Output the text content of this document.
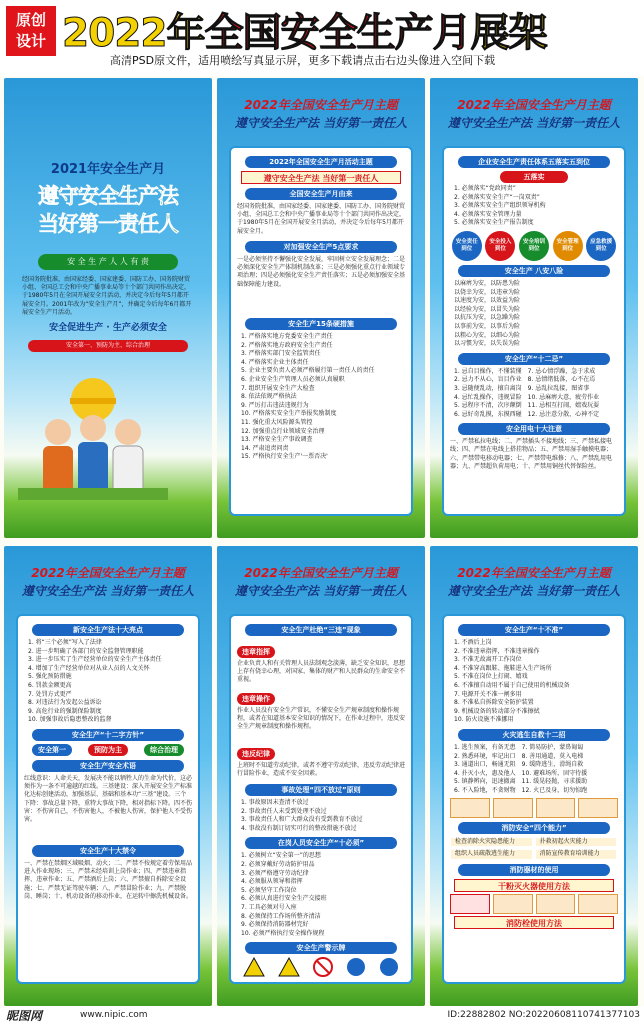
原创
设计 2022年全国安全生产月展架
高清PSD原文件，适用喷绘写真显示屏，更多下载请点击右边头像进入空间下载
2021年安全生产月
遵守安全生产法
当好第一责任人
安 全 生 产 人 人 有 责
经国务院批准，由国家经委、国家建委、国防工办、国务院财贸小组、全国总工会和中央广播事业局等十个部门共同作出决定，于1980年5月在全国开展安全月活动，并决定今后每年5月都开展安全月。2001年改为“安全生产月”，并确定今后每年6月都开展安全生产月活动。
安全促进生产 · 生产必须安全
安全第一、预防为主、综合治理
2022年全国安全生产月主题
遵守安全生产法 当好第一责任人
2022年全国安全生产月活动主题
遵守安全生产法 当好第一责任人
全国安全生产月由来
经国务院批准，由国家经委、国家建委、国防工办、国务院财贸小组、全国总工会和中央广播事业局等十个部门共同作出决定，于1980年5月在全国开展安全月活动，并决定今后每年5月都开展安全月。
对加强安全生产5点要求
一是必须坚持不懈强化安全发展，牢固树立安全发展理念；二是必须深化安全生产体制机制改革；三是必须强化重点行业领域专项治理；四是必须强化安全生产责任落实；五是必须加强安全基础保障能力建设。
安全生产15条硬措施
1. 严格落实地方党委安全生产责任
2. 严格落实地方政府安全生产责任
3. 严格落实部门安全监管责任
4. 严格落实企业主体责任
5. 企业主要负责人必须严格履行第一责任人的责任
6. 企业安全生产管理人员必须认真履职
7. 组织开展安全生产大检查
8. 依法依规严格执法
9. 严厉打击违法违规行为
10. 严格落实安全生产举报奖励制度
11. 强化重大风险源头管控
12. 加强重点行业领域安全治理
13. 严格安全生产事故调查
14. 严肃追责问责
15. 严格执行安全生产'一票否决'
2022年全国安全生产月主题
遵守安全生产法 当好第一责任人
企业安全生产责任体系五落实五到位
五落实
1. 必须落实“党政同责”
2. 必须落实安全生产“一岗双责”
3. 必须落实安全生产组织领导机构
4. 必须落实安全管理力量
5. 必须落实安全生产报告制度
安全责任到位
安全投入到位
安全培训到位
安全管理到位
应急救援到位
安全生产 八安八险
以麻痹为安，以防患为险
以侥幸为安，以违章为险
以速度为安，以效益为险
以经验为安，以冒失为险
以抗压为安，以急躁为险
以事前为安，以事后为险
以粗心为安，以细心为险
以习惯为安，以失误为险
安全生产“十二忌”
1. 忌自目操作，不懂装懂
2. 忌力不从心，盲目作业
3. 忌随便乱动，擅自离岗
4. 忌忙乱操作，违规冒险
5. 忌程序不清，次序颠倒
6. 忌好奇乱摸，东摸西碰
7. 忌心情浮躁，急于求成
8. 忌情绪低落，心不在焉
9. 忌乱拉乱接，图省事
10. 忌麻痹大意，疲劳作业
11. 忌相互打闹，嬉戏玩耍
12. 忌注意分散，心神不定
安全用电十大注意
一、严禁私拉电线；二、严禁插头不接地线；三、严禁私接电线；四、严禁在电线上搭挂物品；五、严禁用湿手触摸电器；六、严禁带电移动电器；七、严禁带电维修；八、严禁乱用电器；九、严禁超负荷用电；十、严禁用铜丝代替保险丝。
2022年全国安全生产月主题
遵守安全生产法 当好第一责任人
新安全生产法十大亮点
1. 将“三个必须”写入了法律
2. 进一步明确了各部门的安全监督管理职能
3. 进一步压实了生产经营单位的安全生产主体责任
4. 增加了生产经营单位对从业人员的人文关怀
5. 强化预防措施
6. 罚款金额更高
7. 处罚方式更严
8. 对违法行为发起公益诉讼
9. 高危行业的强制保险制度
10. 加强事故后隐患整改的监督
安全生产“十二字方针”
安全第一	预防为主	综合治理
安全生产安全术语
红线意识：人命关天，发展决不能以牺牲人的生命为代价，这必须作为一条不可逾越的红线。三基建设：深入开展安全生产标准化达标创建活动，加强基层、基础和基本功“三基”建设。三个下降：事故总量下降，重特大事故下降，相对指标下降。四不伤害：不伤害自己，不伤害他人，不被他人伤害，保护他人不受伤害。
安全生产十大禁令
一、严禁在禁烟区域吸烟、动火；二、严禁不按规定着劳保用品进入作业现场；三、严禁未经培训上岗作业；四、严禁违章指挥、违章作业；五、严禁酒后上岗；六、严禁擅自拆除安全设施；七、严禁无证驾驶车辆；八、严禁冒险作业；九、严禁脱岗、睡岗；十、机动设备的移动作业，在运转中擦洗机械设备。
2022年全国安全生产月主题
遵守安全生产法 当好第一责任人
安全生产杜绝“三违”现象
违章指挥
企业负责人和有关管理人员法制观念淡薄，缺乏安全知识，思想上存有侥幸心理，对国家、集体的财产和人民群众的生命安全不重视。
违章操作
作业人员没有安全生产常识，不懂安全生产规章制度和操作规程，或者在知道基本安全知识的情况下，在作业过程中，违反安全生产规章制度和操作规程。
违反纪律
上班时不知道劳动纪律，或者不遵守劳动纪律，违反劳动纪律进行冒险作业，造成不安全因素。
事故处理“四不放过”原则
1. 事故原因未查清不放过
2. 事故责任人未受到处理不放过
3. 事故责任人和广大群众没有受到教育不放过
4. 事故没有制订切实可行的整改措施不放过
在岗人员安全生产“十必须”
1. 必须树立“安全第一”的思想
2. 必须穿戴好劳动防护用品
3. 必须严格遵守劳动纪律
4. 必须服从领导和指挥
5. 必须坚守工作岗位
6. 必须认真进行安全生产交接班
7. 工具必须对号入座
8. 必须保持工作场所整齐清洁
9. 必须保持消防器材完好
10. 必须严格执行安全操作规程
安全生产警示牌
2022年全国安全生产月主题
遵守安全生产法 当好第一责任人
安全生产“十不准”
1. 不酒后上岗
2. 不准违章指挥，不准违章操作
3. 不准无故离开工作岗位
4. 不准穿高跟鞋、拖鞋进入生产场所
5. 不准在岗位上打闹、嬉戏
6. 不准擅自动用不属于自己使用的机械设备
7. 电源开关不准一闸多用
8. 不准私自拆除安全防护装置
9. 机械设备的转动部分不准擦拭
10. 防火设施不准挪用
火灾逃生自救十二招
1. 逃生预案，有备无患
2. 熟悉环境，牢记出口
3. 通道出口，畅通无阻
4. 扑灭小火，惠及他人
5. 镇静辨向，迅速撤离
6. 不入险地，不贪财物
7. 简易防护，蒙鼻匍匐
8. 善用通道，莫入电梯
9. 缓降逃生，滑绳自救
10. 避难场所，固守待援
11. 缓晃轻抛，寻求援助
12. 火已及身，切勿惊跑
消防安全“四个能力”
检查消除火灾隐患能力	扑救初起火灾能力
组织人员疏散逃生能力	消防宣传教育培训能力
消防器材的使用
干粉灭火器使用方法
消防栓使用方法
昵图网	www.nipic.com	ID:22882802 NO:20220608110741377103
